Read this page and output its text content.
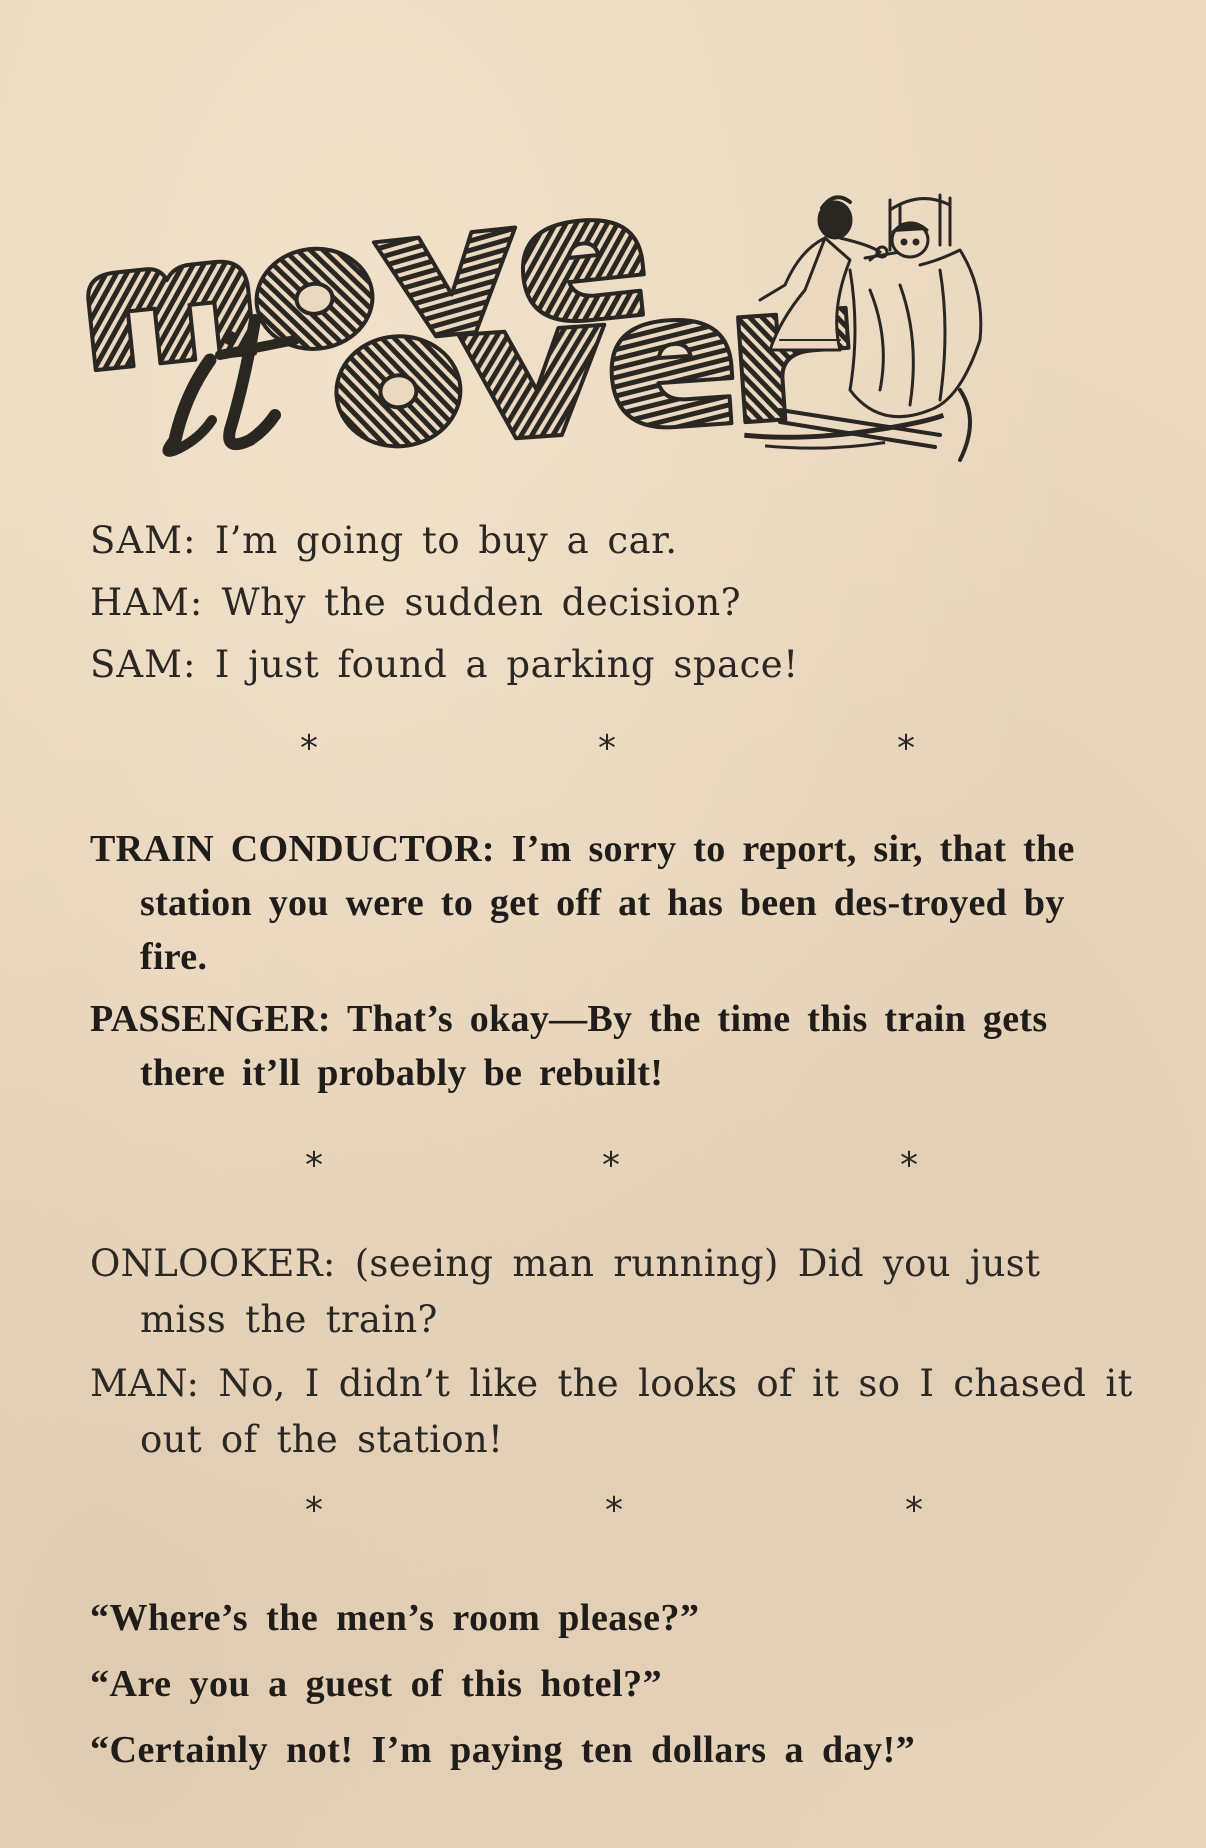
SAM: I’m going to buy a car.
HAM: Why the sudden decision?
SAM: I just found a parking space!
*	*	*
TRAIN CONDUCTOR: I’m sorry to report, sir, that the station you were to get off at has been des-troyed by fire.
PASSENGER: That’s okay—By the time this train gets there it’ll probably be rebuilt!
*	*	*
ONLOOKER: (seeing man running) Did you just miss the train?
MAN: No, I didn’t like the looks of it so I chased it out of the station!
*	*	*
“Where’s the men’s room please?”
“Are you a guest of this hotel?”
“Certainly not! I’m paying ten dollars a day!”
